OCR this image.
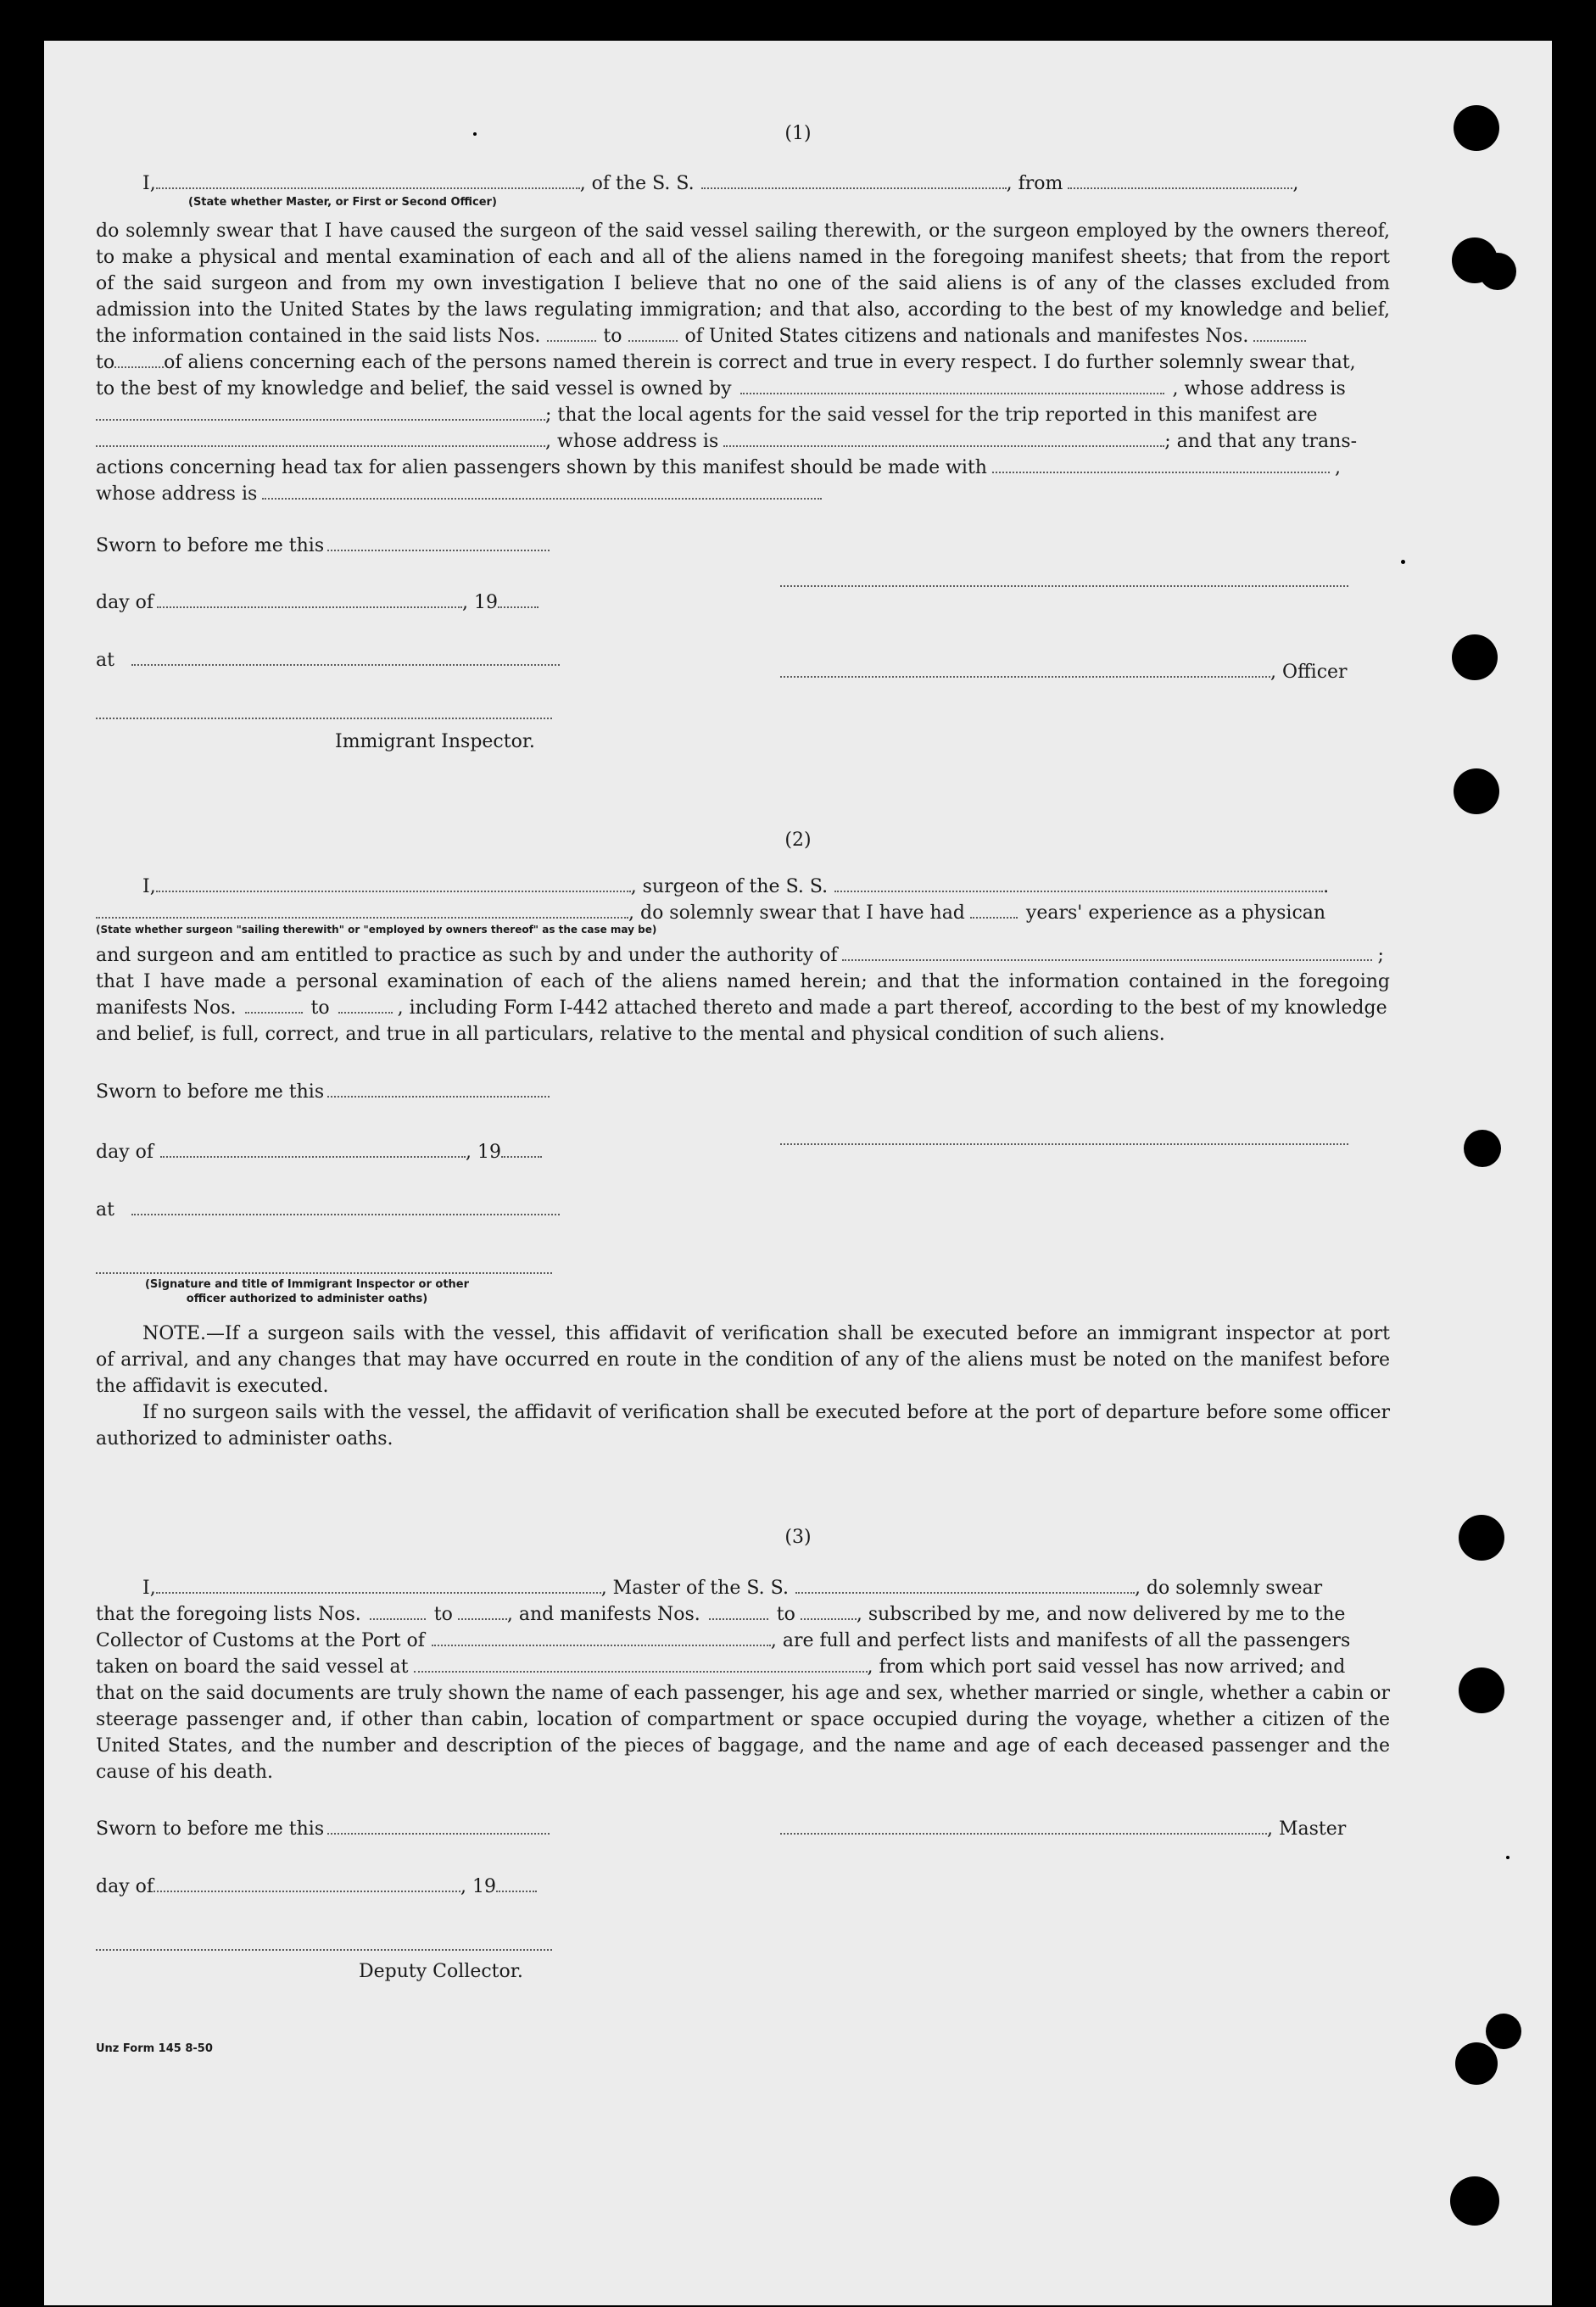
(1)
I,	, of the S. S.	, from	,
(State whether Master, or First or Second Officer)
do solemnly swear that I have caused the surgeon of the said vessel sailing therewith, or the surgeon employed by the owners thereof,
to make a physical and mental examination of each and all of the aliens named in the foregoing manifest sheets; that from the report
of the said surgeon and from my own investigation I believe that no one of the said aliens is of any of the classes excluded from
admission into the United States by the laws regulating immigration; and that also, according to the best of my knowledge and belief,
the information contained in the said lists Nos.	to	of United States citizens and nationals and manifestes Nos.
to	of aliens concerning each of the persons named therein is correct and true in every respect. I do further solemnly swear that,
to the best of my knowledge and belief, the said vessel is owned by	, whose address is
; that the local agents for the said vessel for the trip reported in this manifest are
, whose address is	; and that any trans-
actions concerning head tax for alien passengers shown by this manifest should be made with	,
whose address is
Sworn to before me this
day of	, 19
at
, Officer
Immigrant Inspector.
(2)
I,	, surgeon of the S. S.	.
, do solemnly swear that I have had	years' experience as a physican
(State whether surgeon "sailing therewith" or "employed by owners thereof" as the case may be)
and surgeon and am entitled to practice as such by and under the authority of	;
that I have made a personal examination of each of the aliens named herein; and that the information contained in the foregoing
manifests Nos.	to	, including Form I-442 attached thereto and made a part thereof, according to the best of my knowledge
and belief, is full, correct, and true in all particulars, relative to the mental and physical condition of such aliens.
Sworn to before me this
day of	, 19
at
(Signature and title of Immigrant Inspector or other
officer authorized to administer oaths)
NOTE.—If a surgeon sails with the vessel, this affidavit of verification shall be executed before an immigrant inspector at port
of arrival, and any changes that may have occurred en route in the condition of any of the aliens must be noted on the manifest before
the affidavit is executed.
If no surgeon sails with the vessel, the affidavit of verification shall be executed before at the port of departure before some officer
authorized to administer oaths.
(3)
I,	, Master of the S. S.	, do solemnly swear
that the foregoing lists Nos.	to	, and manifests Nos.	to	, subscribed by me, and now delivered by me to the
Collector of Customs at the Port of	, are full and perfect lists and manifests of all the passengers
taken on board the said vessel at	, from which port said vessel has now arrived; and
that on the said documents are truly shown the name of each passenger, his age and sex, whether married or single, whether a cabin or
steerage passenger and, if other than cabin, location of compartment or space occupied during the voyage, whether a citizen of the
United States, and the number and description of the pieces of baggage, and the name and age of each deceased passenger and the
cause of his death.
Sworn to before me this	, Master
day of	, 19
Deputy Collector.
Unz Form 145 8-50
